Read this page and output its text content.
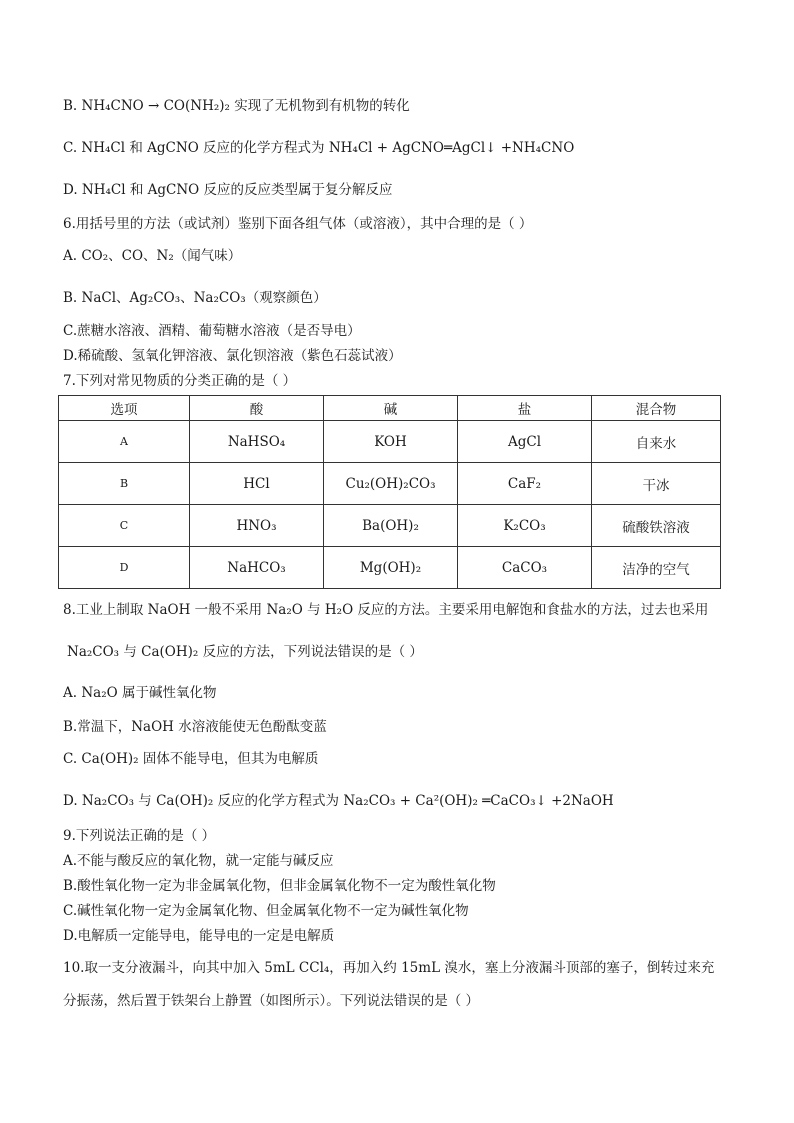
B. NH₄CNO → CO(NH₂)₂ 实现了无机物到有机物的转化
C. NH₄Cl 和 AgCNO 反应的化学方程式为 NH₄Cl + AgCNO═AgCl↓ +NH₄CNO
D. NH₄Cl 和 AgCNO 反应的反应类型属于复分解反应
6.用括号里的方法（或试剂）鉴别下面各组气体（或溶液），其中合理的是（ ）
A. CO₂、CO、N₂（闻气味）
B. NaCl、Ag₂CO₃、Na₂CO₃（观察颜色）
C.蔗糖水溶液、酒精、葡萄糖水溶液（是否导电）
D.稀硫酸、氢氧化钾溶液、氯化钡溶液（紫色石蕊试液）
7.下列对常见物质的分类正确的是（ ）
选项	酸	碱	盐	混合物
A	NaHSO₄	KOH	AgCl	自来水
B	HCl	Cu₂(OH)₂CO₃	CaF₂	干冰
C	HNO₃	Ba(OH)₂	K₂CO₃	硫酸铁溶液
D	NaHCO₃	Mg(OH)₂	CaCO₃	洁净的空气
8.工业上制取 NaOH 一般不采用 Na₂O 与 H₂O 反应的方法。主要采用电解饱和食盐水的方法，过去也采用
Na₂CO₃ 与 Ca(OH)₂ 反应的方法，下列说法错误的是（ ）
A. Na₂O 属于碱性氧化物
B.常温下，NaOH 水溶液能使无色酚酞变蓝
C. Ca(OH)₂ 固体不能导电，但其为电解质
D. Na₂CO₃ 与 Ca(OH)₂ 反应的化学方程式为 Na₂CO₃ + Ca²(OH)₂ ═CaCO₃↓ +2NaOH
9.下列说法正确的是（ ）
A.不能与酸反应的氧化物，就一定能与碱反应
B.酸性氧化物一定为非金属氧化物，但非金属氧化物不一定为酸性氧化物
C.碱性氧化物一定为金属氧化物、但金属氧化物不一定为碱性氧化物
D.电解质一定能导电，能导电的一定是电解质
10.取一支分液漏斗，向其中加入 5mL CCl₄，再加入约 15mL 溴水，塞上分液漏斗顶部的塞子，倒转过来充
分振荡，然后置于铁架台上静置（如图所示）。下列说法错误的是（ ）
